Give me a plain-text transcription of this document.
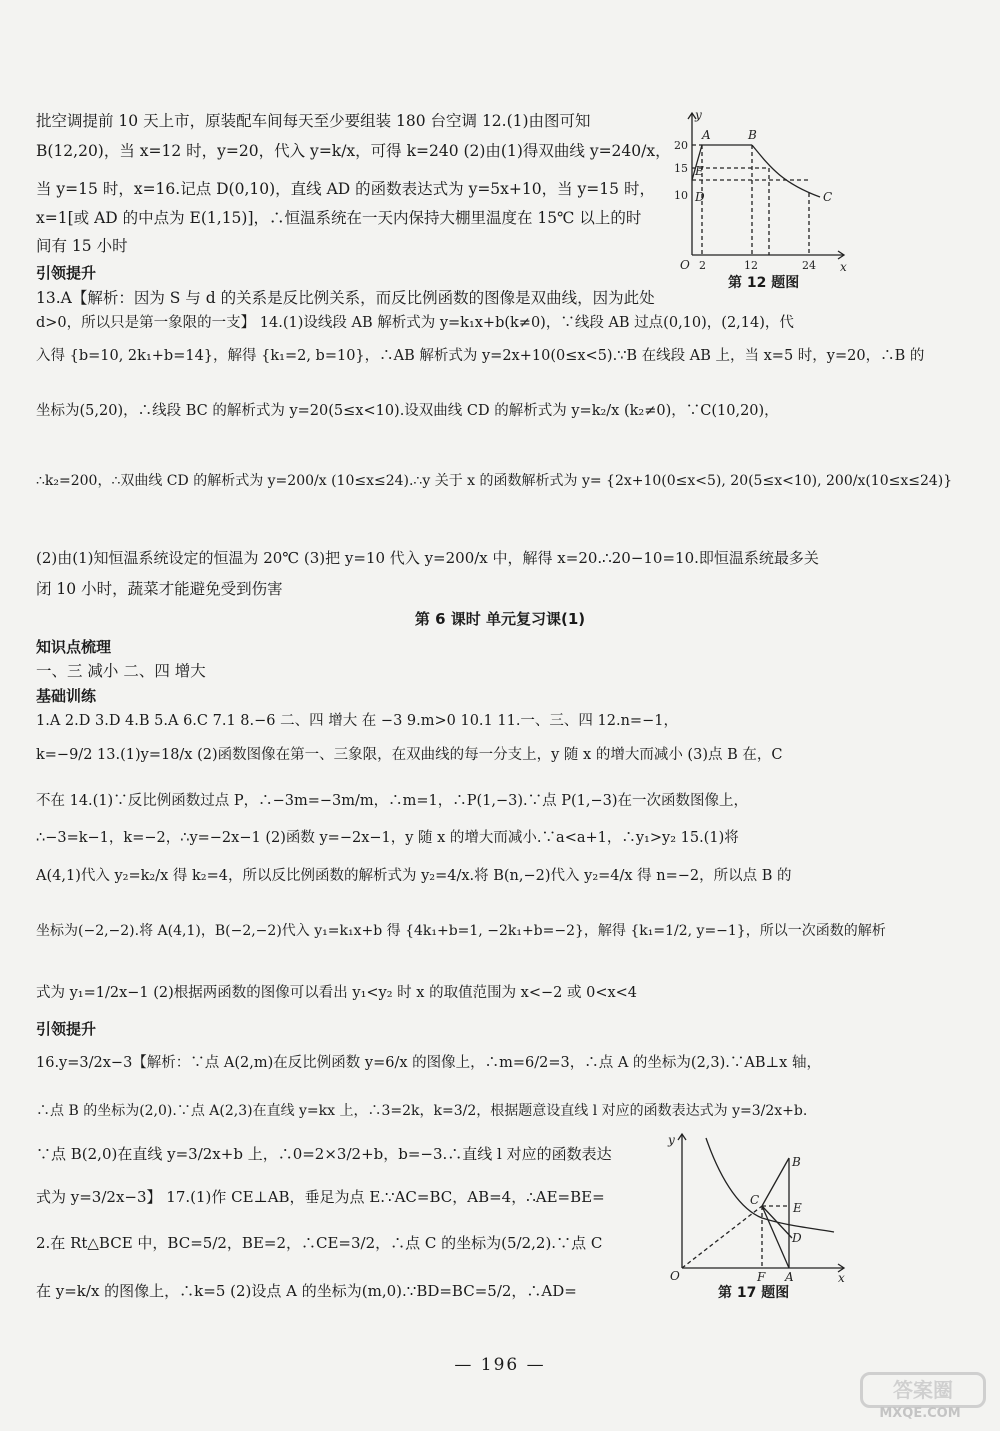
批空调提前 10 天上市，原装配车间每天至少要组装 180 台空调 12.(1)由图可知
B(12,20)，当 x=12 时，y=20，代入 y=k/x，可得 k=240 (2)由(1)得双曲线 y=240/x，
当 y=15 时，x=16.记点 D(0,10)，直线 AD 的函数表达式为 y=5x+10，当 y=15 时，
x=1[或 AD 的中点为 E(1,15)]，∴恒温系统在一天内保持大棚里温度在 15℃ 以上的时
间有 15 小时
引领提升
13.A【解析：因为 S 与 d 的关系是反比例关系，而反比例函数的图像是双曲线，因为此处
d>0，所以只是第一象限的一支】 14.(1)设线段 AB 解析式为 y=k₁x+b(k≠0)，∵线段 AB 过点(0,10)，(2,14)，代
入得 {b=10, 2k₁+b=14}，解得 {k₁=2, b=10}，∴AB 解析式为 y=2x+10(0≤x<5).∵B 在线段 AB 上，当 x=5 时，y=20，∴B 的
坐标为(5,20)，∴线段 BC 的解析式为 y=20(5≤x<10).设双曲线 CD 的解析式为 y=k₂/x (k₂≠0)，∵C(10,20)，
∴k₂=200，∴双曲线 CD 的解析式为 y=200/x (10≤x≤24).∴y 关于 x 的函数解析式为 y= {2x+10(0≤x<5), 20(5≤x<10), 200/x(10≤x≤24)}
(2)由(1)知恒温系统设定的恒温为 20℃ (3)把 y=10 代入 y=200/x 中，解得 x=20.∴20−10=10.即恒温系统最多关
闭 10 小时，蔬菜才能避免受到伤害
第 6 课时 单元复习课(1)
知识点梳理
一、三 减小 二、四 增大
基础训练
1.A 2.D 3.D 4.B 5.A 6.C 7.1 8.−6 二、四 增大 在 −3 9.m>0 10.1 11.一、三、四 12.n=−1，
k=−9/2 13.(1)y=18/x (2)函数图像在第一、三象限，在双曲线的每一分支上，y 随 x 的增大而减小 (3)点 B 在，C
不在 14.(1)∵反比例函数过点 P，∴−3m=−3m/m，∴m=1，∴P(1,−3).∵点 P(1,−3)在一次函数图像上，
∴−3=k−1，k=−2，∴y=−2x−1 (2)函数 y=−2x−1，y 随 x 的增大而减小.∵a<a+1，∴y₁>y₂ 15.(1)将
A(4,1)代入 y₂=k₂/x 得 k₂=4，所以反比例函数的解析式为 y₂=4/x.将 B(n,−2)代入 y₂=4/x 得 n=−2，所以点 B 的
坐标为(−2,−2).将 A(4,1)，B(−2,−2)代入 y₁=k₁x+b 得 {4k₁+b=1, −2k₁+b=−2}，解得 {k₁=1/2, y=−1}，所以一次函数的解析
式为 y₁=1/2x−1 (2)根据两函数的图像可以看出 y₁<y₂ 时 x 的取值范围为 x<−2 或 0<x<4
引领提升
16.y=3/2x−3【解析：∵点 A(2,m)在反比例函数 y=6/x 的图像上，∴m=6/2=3，∴点 A 的坐标为(2,3).∵AB⊥x 轴，
∴点 B 的坐标为(2,0).∵点 A(2,3)在直线 y=kx 上，∴3=2k，k=3/2，根据题意设直线 l 对应的函数表达式为 y=3/2x+b.
∵点 B(2,0)在直线 y=3/2x+b 上，∴0=2×3/2+b，b=−3.∴直线 l 对应的函数表达
式为 y=3/2x−3】 17.(1)作 CE⊥AB，垂足为点 E.∵AC=BC，AB=4，∴AE=BE=
2.在 Rt△BCE 中，BC=5/2，BE=2，∴CE=3/2，∴点 C 的坐标为(5/2,2).∵点 C
在 y=k/x 的图像上，∴k=5 (2)设点 A 的坐标为(m,0).∵BD=BC=5/2，∴AD=
y
x
O
A	B
C
D
E
20
15
10
2	12	24
第 12 题图
y
x
O
B
C
E
D
F A
第 17 题图
— 196 —
答案圈
MXQE.COM
